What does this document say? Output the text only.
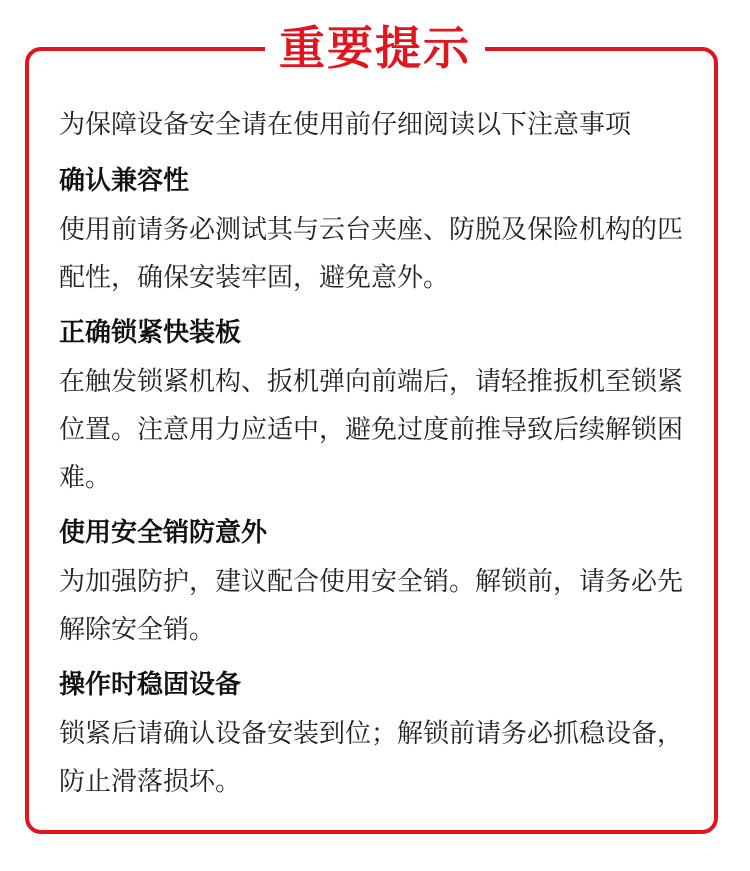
重要提示

为保障设备安全请在使用前仔细阅读以下注意事项

确认兼容性

使用前请务必测试其与云台夹座、防脱及保险机构的匹配性，确保安装牢固，避免意外。

正确锁紧快装板

在触发锁紧机构、扳机弹向前端后，请轻推扳机至锁紧位置。注意用力应适中，避免过度前推导致后续解锁困难。

使用安全销防意外

为加强防护，建议配合使用安全销。解锁前，请务必先解除安全销。

操作时稳固设备

锁紧后请确认设备安装到位；解锁前请务必抓稳设备，防止滑落损坏。
